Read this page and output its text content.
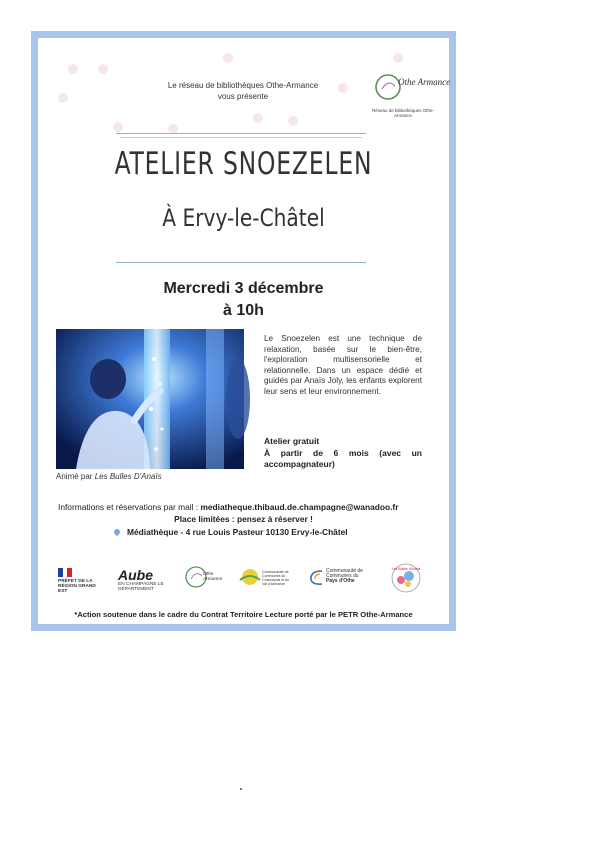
Le réseau de bibliothèques Othe-Armance
vous présente
Othe Armance
Réseau de bibliothèques Othe-Armance
ATELIER SNOEZELEN
À Ervy-le-Châtel
Mercredi 3 décembre
à 10h
Animé par Les Bulles D'Anaïs
Le Snoezelen est une technique de relaxation, basée sur le bien-être, l'exploration multisensorielle et relationnelle. Dans un espace dédié et guidés par Anaïs Joly, les enfants explorent leur sens et leur environnement.
Atelier gratuit
À partir de 6 mois (avec un accompagnateur)
Informations et réservations par mail : mediatheque.thibaud.de.champagne@wanadoo.fr
Place limitées : pensez à réserver !
Médiathèque - 4 rue Louis Pasteur 10130 Ervy-le-Châtel
PRÉFET DE LA RÉGION GRAND EST
Aube
EN CHAMPAGNE LE DÉPARTEMENT
Othe Armance
Communauté de Communes du Chaourçois et du Val d'Armance
Communauté de
Communes du
Pays d'Othe
Les Bulles d'Anaïs
*Action soutenue dans le cadre du Contrat Territoire Lecture porté par le PETR Othe-Armance
